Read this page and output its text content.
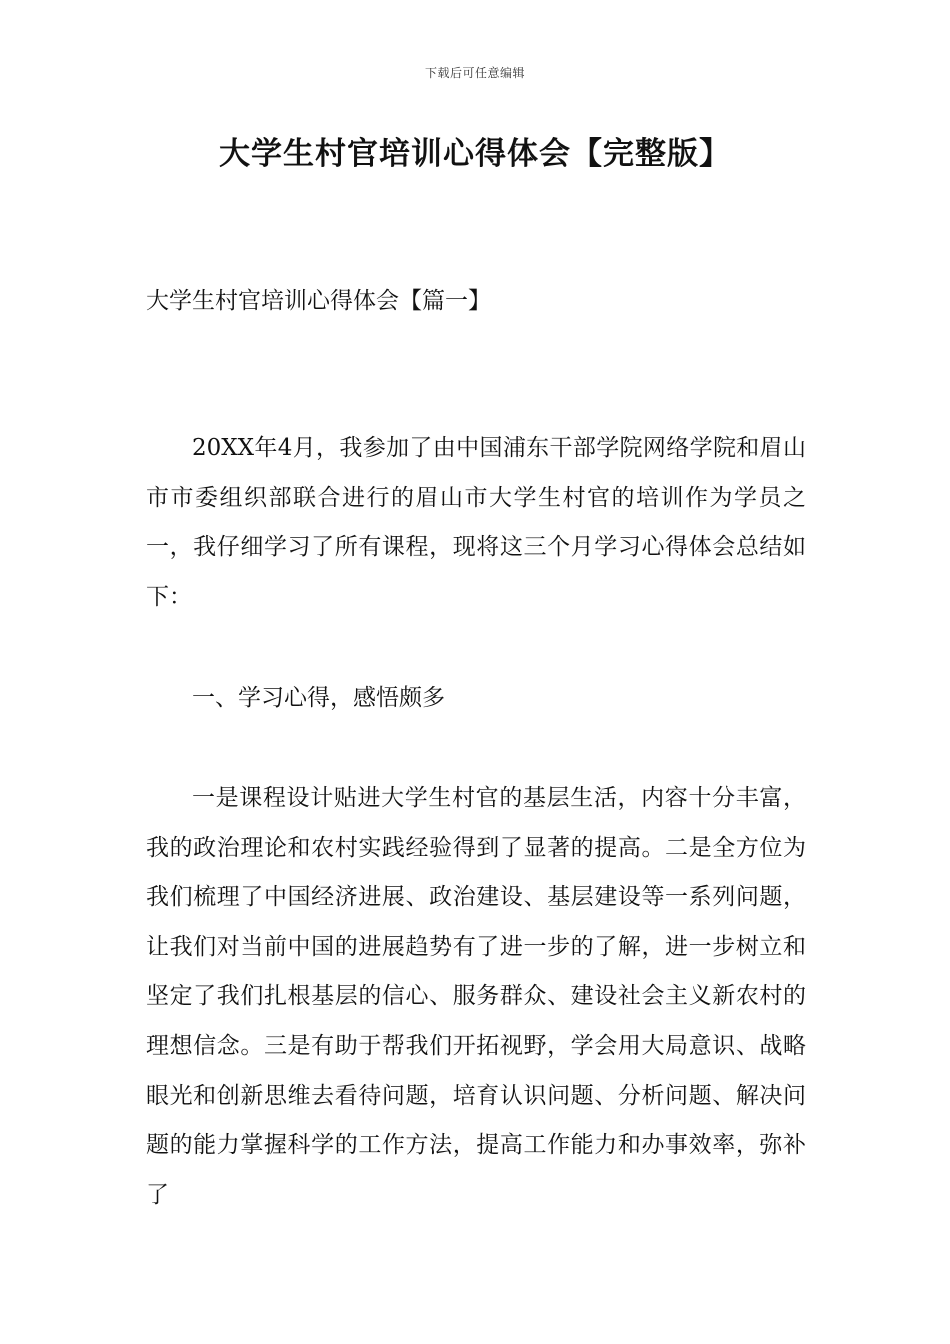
下载后可任意编辑
大学生村官培训心得体会【完整版】
大学生村官培训心得体会【篇一】

20XX年4月，我参加了由中国浦东干部学院网络学院和眉山市市委组织部联合进行的眉山市大学生村官的培训作为学员之一，我仔细学习了所有课程，现将这三个月学习心得体会总结如下：

一、学习心得，感悟颇多

一是课程设计贴进大学生村官的基层生活，内容十分丰富，我的政治理论和农村实践经验得到了显著的提高。二是全方位为我们梳理了中国经济进展、政治建设、基层建设等一系列问题，让我们对当前中国的进展趋势有了进一步的了解，进一步树立和坚定了我们扎根基层的信心、服务群众、建设社会主义新农村的理想信念。三是有助于帮我们开拓视野，学会用大局意识、战略眼光和创新思维去看待问题，培育认识问题、分析问题、解决问题的能力掌握科学的工作方法，提高工作能力和办事效率，弥补了
